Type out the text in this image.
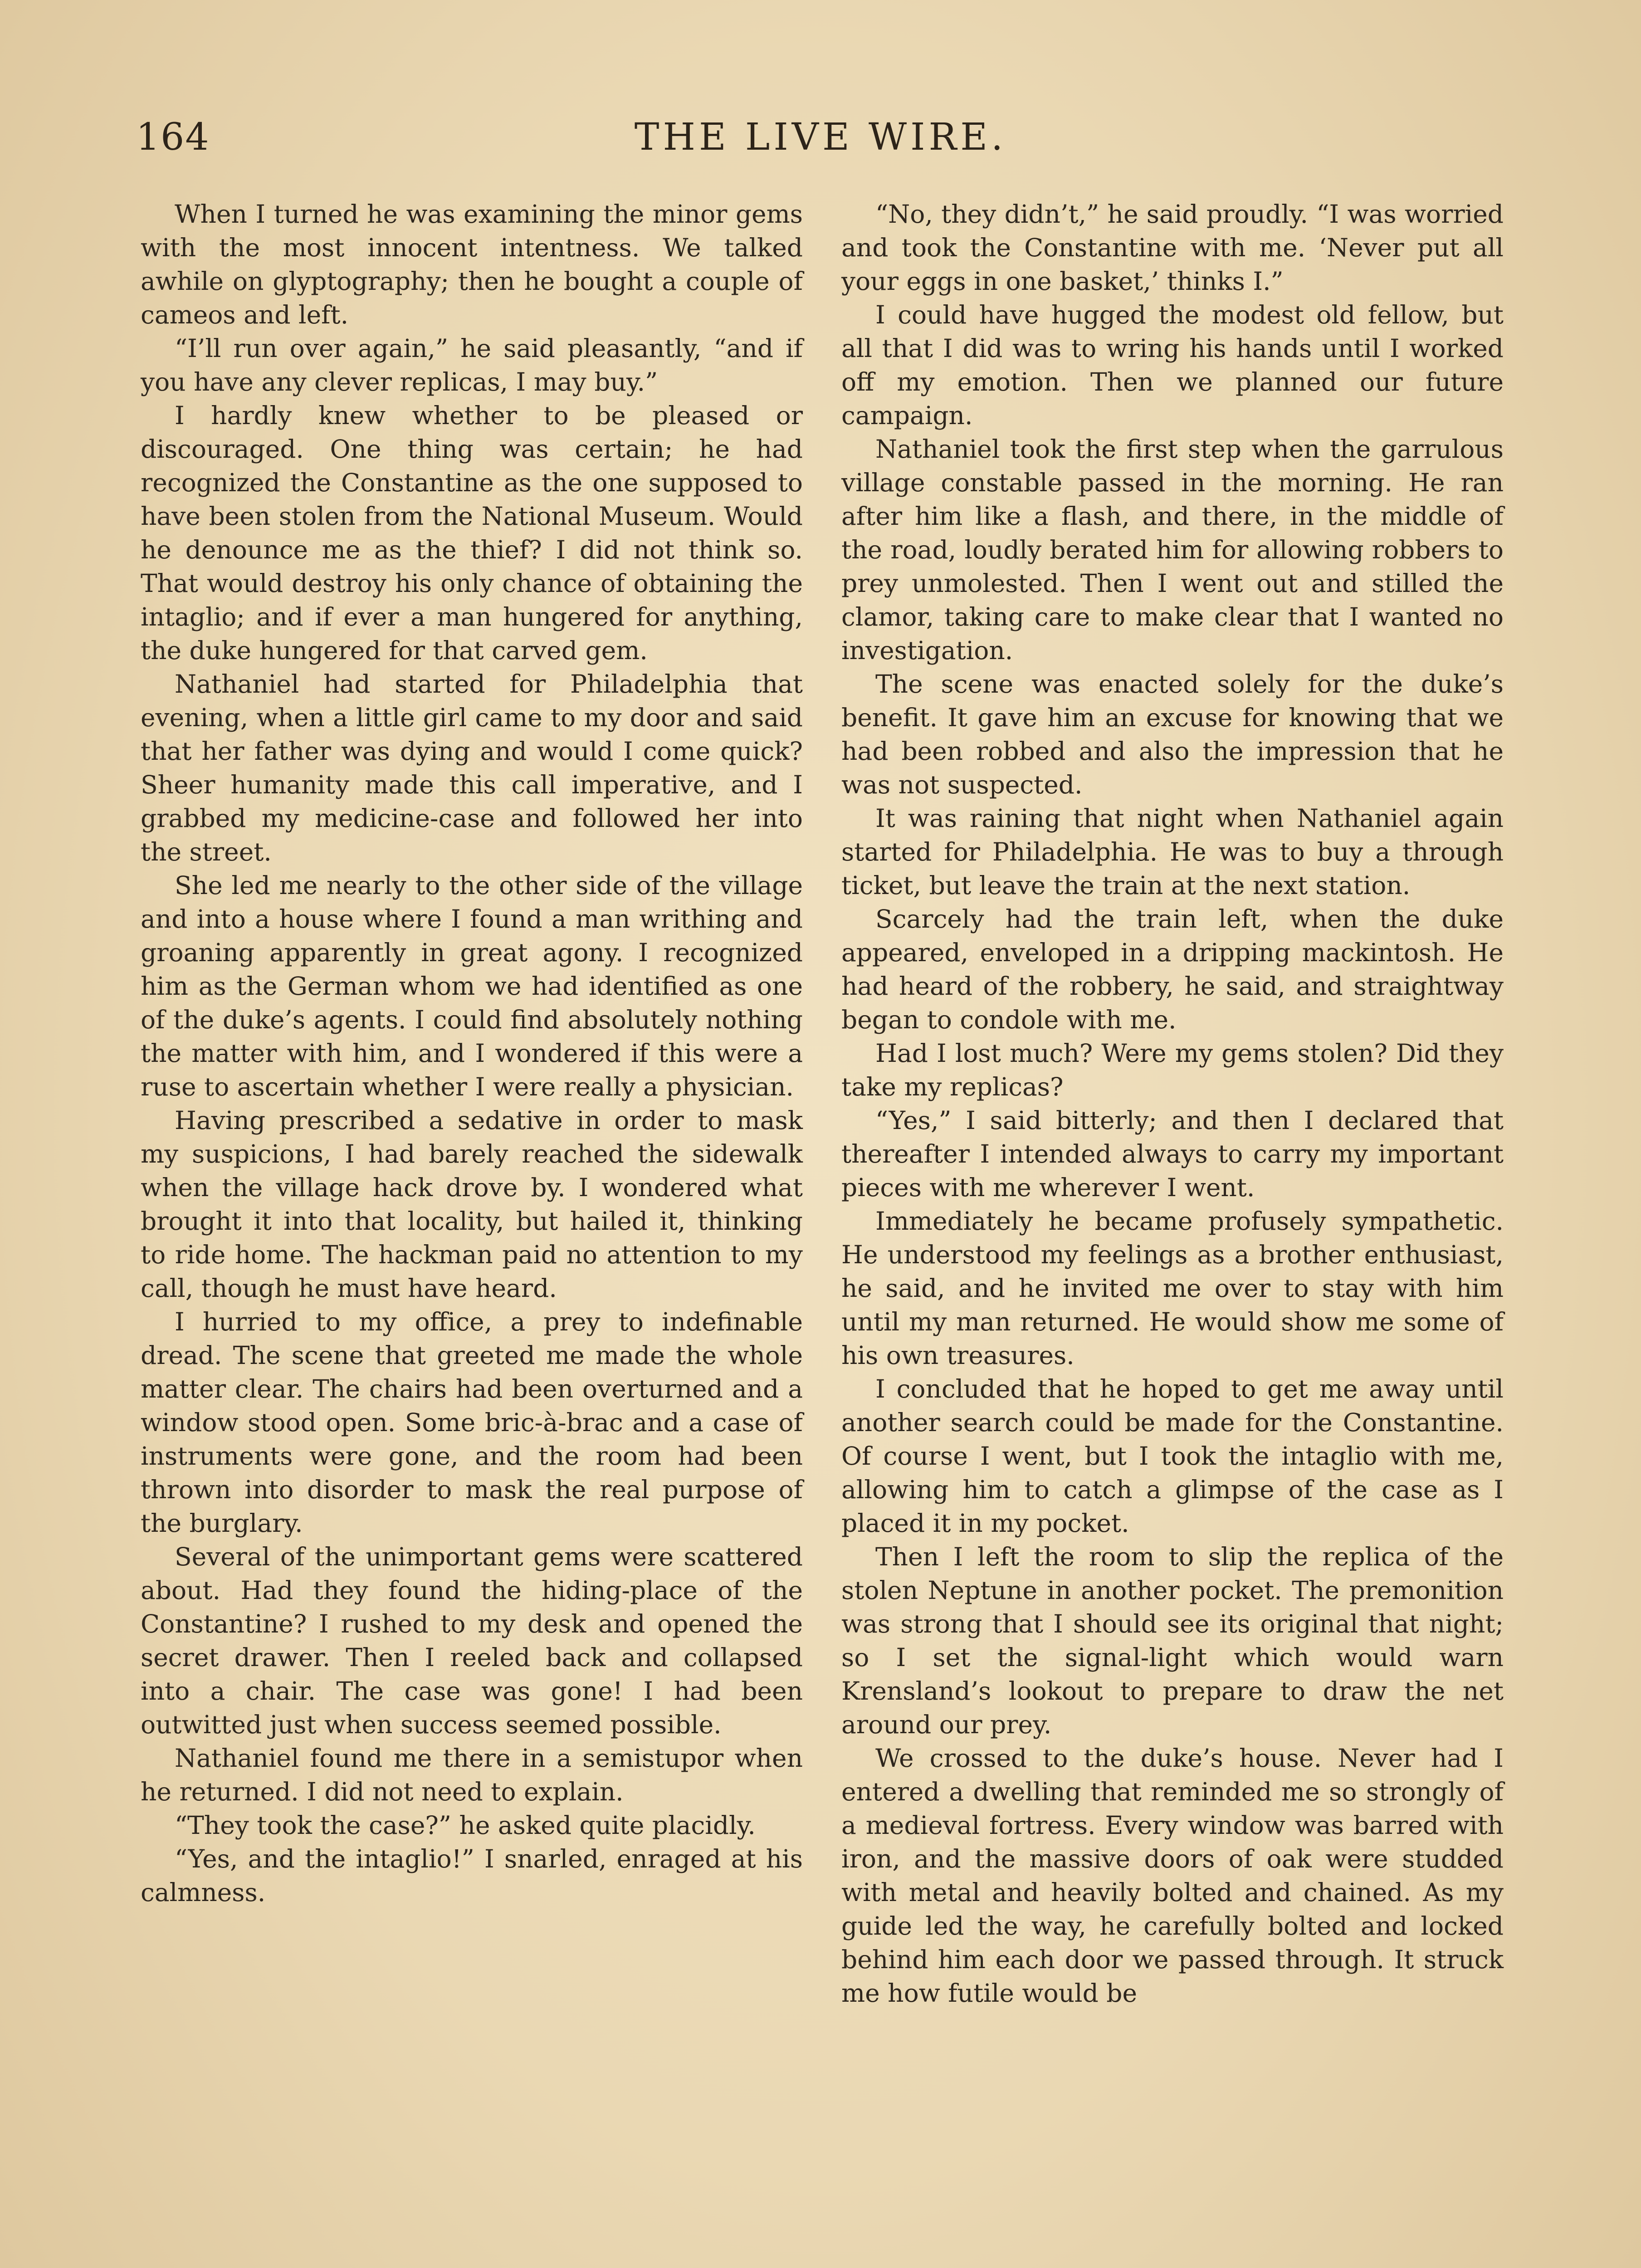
164	THE LIVE WIRE.

When I turned he was examining the minor gems with the most innocent intentness. We talked awhile on glyptography; then he bought a couple of cameos and left.

“I’ll run over again,” he said pleasantly, “and if you have any clever replicas, I may buy.”

I hardly knew whether to be pleased or discouraged. One thing was certain; he had recognized the Constantine as the one supposed to have been stolen from the National Museum. Would he denounce me as the thief? I did not think so. That would destroy his only chance of obtaining the intaglio; and if ever a man hungered for anything, the duke hungered for that carved gem.

Nathaniel had started for Philadelphia that evening, when a little girl came to my door and said that her father was dying and would I come quick? Sheer humanity made this call imperative, and I grabbed my medicine-case and followed her into the street.

She led me nearly to the other side of the village and into a house where I found a man writhing and groaning apparently in great agony. I recognized him as the German whom we had identified as one of the duke’s agents. I could find absolutely nothing the matter with him, and I wondered if this were a ruse to ascertain whether I were really a physician.

Having prescribed a sedative in order to mask my suspicions, I had barely reached the sidewalk when the village hack drove by. I wondered what brought it into that locality, but hailed it, thinking to ride home. The hackman paid no attention to my call, though he must have heard.

I hurried to my office, a prey to indefinable dread. The scene that greeted me made the whole matter clear. The chairs had been overturned and a window stood open. Some bric-à-brac and a case of instruments were gone, and the room had been thrown into disorder to mask the real purpose of the burglary.

Several of the unimportant gems were scattered about. Had they found the hiding-place of the Constantine? I rushed to my desk and opened the secret drawer. Then I reeled back and collapsed into a chair. The case was gone! I had been outwitted just when success seemed possible.

Nathaniel found me there in a semistupor when he returned. I did not need to explain.

“They took the case?” he asked quite placidly.

“Yes, and the intaglio!” I snarled, enraged at his calmness.

“No, they didn’t,” he said proudly. “I was worried and took the Constantine with me. ‘Never put all your eggs in one basket,’ thinks I.”

I could have hugged the modest old fellow, but all that I did was to wring his hands until I worked off my emotion. Then we planned our future campaign.

Nathaniel took the first step when the garrulous village constable passed in the morning. He ran after him like a flash, and there, in the middle of the road, loudly berated him for allowing robbers to prey unmolested. Then I went out and stilled the clamor, taking care to make clear that I wanted no investigation.

The scene was enacted solely for the duke’s benefit. It gave him an excuse for knowing that we had been robbed and also the impression that he was not suspected.

It was raining that night when Nathaniel again started for Philadelphia. He was to buy a through ticket, but leave the train at the next station.

Scarcely had the train left, when the duke appeared, enveloped in a dripping mackintosh. He had heard of the robbery, he said, and straightway began to condole with me.

Had I lost much? Were my gems stolen? Did they take my replicas?

“Yes,” I said bitterly; and then I declared that thereafter I intended always to carry my important pieces with me wherever I went.

Immediately he became profusely sympathetic. He understood my feelings as a brother enthusiast, he said, and he invited me over to stay with him until my man returned. He would show me some of his own treasures.

I concluded that he hoped to get me away until another search could be made for the Constantine. Of course I went, but I took the intaglio with me, allowing him to catch a glimpse of the case as I placed it in my pocket.

Then I left the room to slip the replica of the stolen Neptune in another pocket. The premonition was strong that I should see its original that night; so I set the signal-light which would warn Krensland’s lookout to prepare to draw the net around our prey.

We crossed to the duke’s house. Never had I entered a dwelling that reminded me so strongly of a medieval fortress. Every window was barred with iron, and the massive doors of oak were studded with metal and heavily bolted and chained. As my guide led the way, he carefully bolted and locked behind him each door we passed through. It struck me how futile would be
